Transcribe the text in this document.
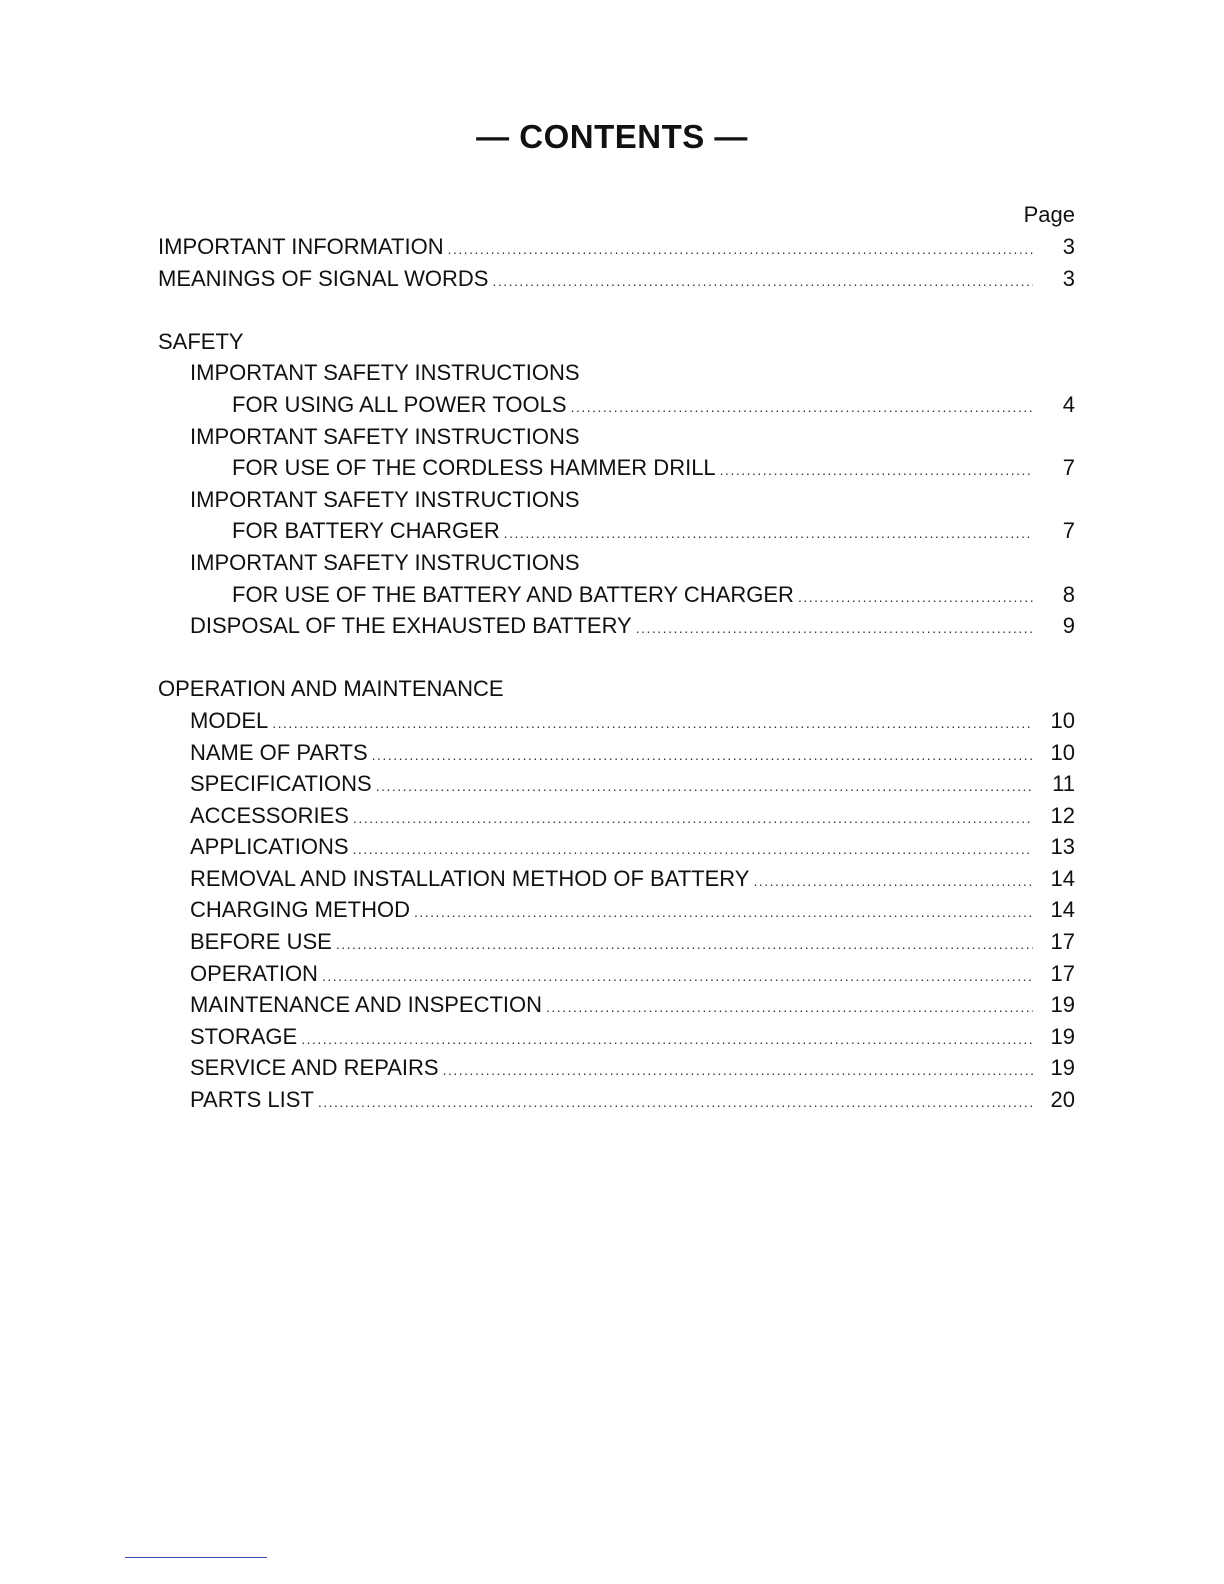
— CONTENTS —
Page
IMPORTANT INFORMATION .....	3
MEANINGS OF SIGNAL WORDS .....	3
SAFETY
IMPORTANT SAFETY INSTRUCTIONS
FOR USING ALL POWER TOOLS .....	4
IMPORTANT SAFETY INSTRUCTIONS
FOR USE OF THE CORDLESS HAMMER DRILL .....	7
IMPORTANT SAFETY INSTRUCTIONS
FOR BATTERY CHARGER .....	7
IMPORTANT SAFETY INSTRUCTIONS
FOR USE OF THE BATTERY AND BATTERY CHARGER .....	8
DISPOSAL OF THE EXHAUSTED BATTERY .....	9
OPERATION AND MAINTENANCE
MODEL .....	10
NAME OF PARTS .....	10
SPECIFICATIONS .....	11
ACCESSORIES .....	12
APPLICATIONS .....	13
REMOVAL AND INSTALLATION METHOD OF BATTERY .....	14
CHARGING METHOD .....	14
BEFORE USE .....	17
OPERATION .....	17
MAINTENANCE AND INSPECTION .....	19
STORAGE .....	19
SERVICE AND REPAIRS .....	19
PARTS LIST .....	20
